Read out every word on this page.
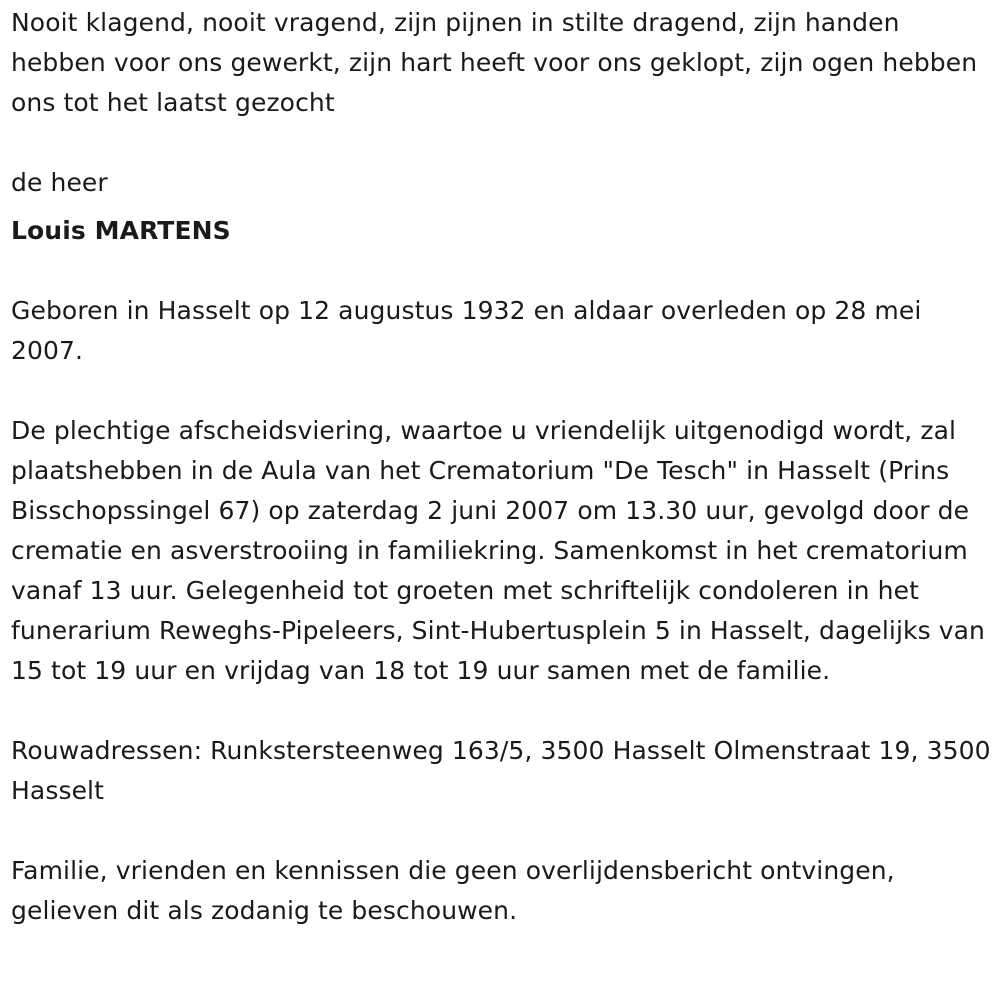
Nooit klagend, nooit vragend, zijn pijnen in stilte dragend, zijn handen hebben voor ons gewerkt, zijn hart heeft voor ons geklopt, zijn ogen hebben ons tot het laatst gezocht

de heer

Louis MARTENS

Geboren in Hasselt op 12 augustus 1932 en aldaar overleden op 28 mei 2007.

De plechtige afscheidsviering, waartoe u vriendelijk uitgenodigd wordt, zal plaatshebben in de Aula van het Crematorium "De Tesch" in Hasselt (Prins Bisschopssingel 67) op zaterdag 2 juni 2007 om 13.30 uur, gevolgd door de crematie en asverstrooiing in familiekring. Samenkomst in het crematorium vanaf 13 uur. Gelegenheid tot groeten met schriftelijk condoleren in het funerarium Reweghs-Pipeleers, Sint-Hubertusplein 5 in Hasselt, dagelijks van 15 tot 19 uur en vrijdag van 18 tot 19 uur samen met de familie.

Rouwadressen: Runkstersteenweg 163/5, 3500 Hasselt Olmenstraat 19, 3500 Hasselt

Familie, vrienden en kennissen die geen overlijdensbericht ontvingen, gelieven dit als zodanig te beschouwen.
